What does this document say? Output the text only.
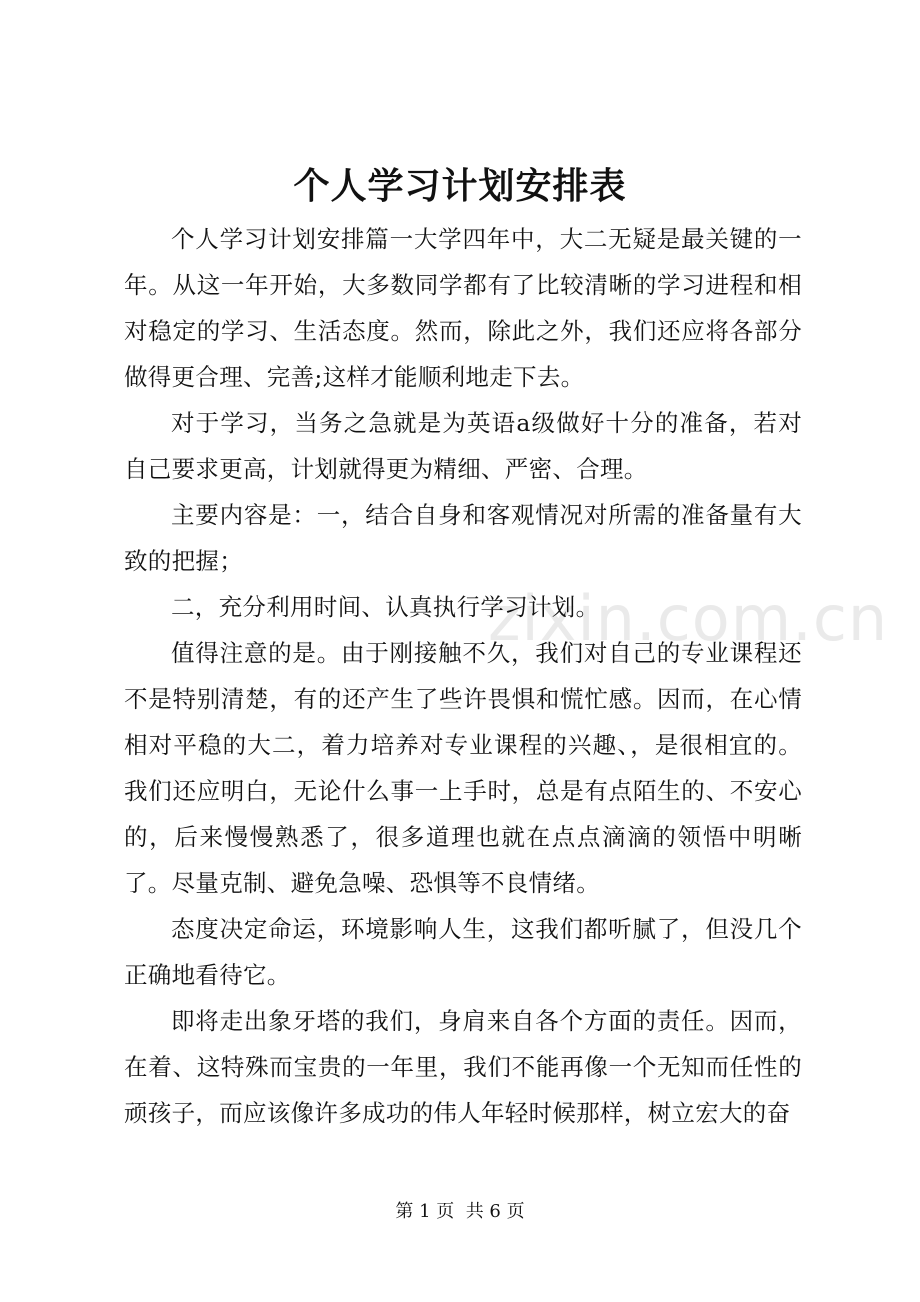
个人学习计划安排表
zixin.com.cn

个人学习计划安排篇一大学四年中，大二无疑是最关键的一年。从这一年开始，大多数同学都有了比较清晰的学习进程和相对稳定的学习、生活态度。然而，除此之外，我们还应将各部分做得更合理、完善;这样才能顺利地走下去。

对于学习，当务之急就是为英语a级做好十分的准备，若对自己要求更高，计划就得更为精细、严密、合理。

主要内容是：一，结合自身和客观情况对所需的准备量有大致的把握；

二，充分利用时间、认真执行学习计划。

值得注意的是。由于刚接触不久，我们对自己的专业课程还不是特别清楚，有的还产生了些许畏惧和慌忙感。因而，在心情相对平稳的大二，着力培养对专业课程的兴趣、，是很相宜的。我们还应明白，无论什么事一上手时，总是有点陌生的、不安心的，后来慢慢熟悉了，很多道理也就在点点滴滴的领悟中明晰了。尽量克制、避免急噪、恐惧等不良情绪。

态度决定命运，环境影响人生，这我们都听腻了，但没几个正确地看待它。

即将走出象牙塔的我们，身肩来自各个方面的责任。因而，在着、这特殊而宝贵的一年里，我们不能再像一个无知而任性的顽孩子，而应该像许多成功的伟人年轻时候那样，树立宏大的奋

第 1 页  共 6 页
